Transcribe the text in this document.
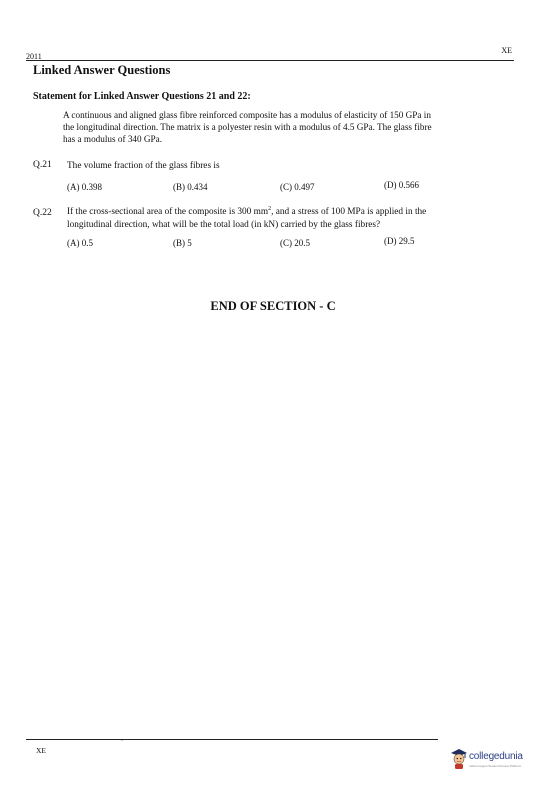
XE
2011
Linked Answer Questions
Statement for Linked Answer Questions 21 and 22:
A continuous and aligned glass fibre reinforced composite has a modulus of elasticity of 150 GPa in
the longitudinal direction. The matrix is a polyester resin with a modulus of 4.5 GPa. The glass fibre
has a modulus of 340 GPa.
Q.21 The volume fraction of the glass fibres is
(A) 0.398	(B) 0.434	(C) 0.497	(D) 0.566
Q.22 If the cross-sectional area of the composite is 300 $mm^2$, and a stress of 100 MPa is applied in the
longitudinal direction, what will be the total load (in kN) carried by the glass fibres?
(A) 0.5	(B) 5	(C) 20.5	(D) 29.5
END OF SECTION - C
XE
collegedunia
India's largest Student Review Platform
